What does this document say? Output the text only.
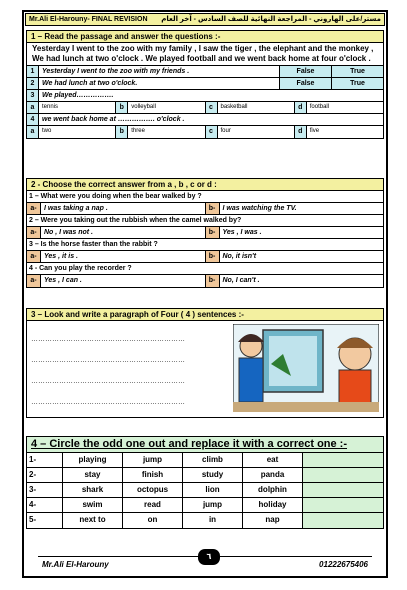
Mr.Ali El-Harouny- FINAL REVISION مستر/على الهاروني - المراجعة النهائية للصف السادس - آخر العام
1 – Read the passage and answer the questions :-
Yesterday I went to the zoo with my family , I saw the tiger , the elephant and the monkey , We had lunch at two o'clock . We played football and we went back home at four o'clock .
1	Yesterday I went to the zoo with my friends .	False	True
2	We had lunch at two o'clock.	False	True
3	We played…………….
a	tennis	b	volleyball	c	basketball	d	football
4	we went back home at ……………. o'clock .
a	two	b	three	c	four	d	five
2 - Choose the correct answer from a , b , c or d :
1 – What were you doing when the bear walked by ?
a-	I was taking a nap .	b-	I was watching the TV.
2 – Were you taking out the rubbish when the camel walked by?
a-	No , I was not .	b-	Yes , I was .
3 – Is the horse faster than the rabbit ?
a-	Yes , it is .	b-	No, it isn't
4 - Can you play the recorder ?
a-	Yes , I can .	b-	No, I can't .
3 – Look and write a paragraph of Four ( 4 ) sentences :-
…………………………………………………………
…………………………………………………………
…………………………………………………………
…………………………………………………………
4 – Circle the odd one out and replace it with a correct one :-
1-	playing	jump	climb	eat
2-	stay	finish	study	panda
3-	shark	octopus	lion	dolphin
4-	swim	read	jump	holiday
5-	next to	on	in	nap
Mr.Ali El-Harouny
٦
01222675406
